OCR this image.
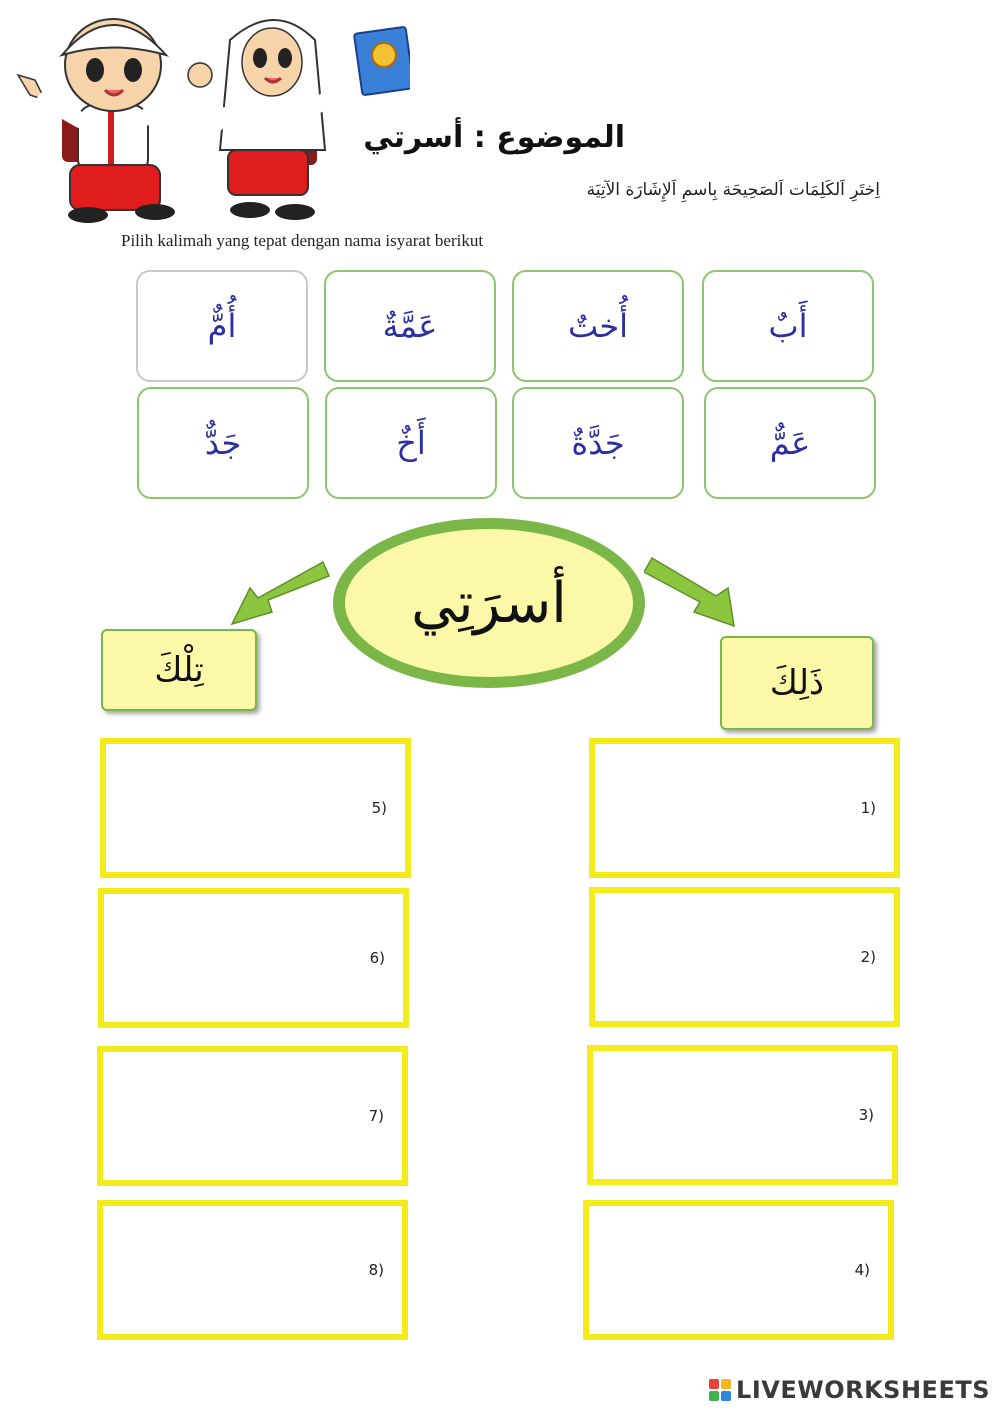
الموضوع : أسرتي
اِختَرِ اَلكَلِمَات اَلصَحِيحَة بِاسمِ اَلإِشَارَة الآتِيَة
Pilih kalimah yang tepat dengan nama isyarat berikut
أُمٌّ	عَمَّةٌ	أُختٌ	أَبٌ
جَدٌّ	أَخٌ	جَدَّةٌ	عَمٌّ
أسرَتِي
تِلْكَ	ذَلِكَ
1)
2)
3)
4)
5)
6)
7)
8)
LIVEWORKSHEETS
